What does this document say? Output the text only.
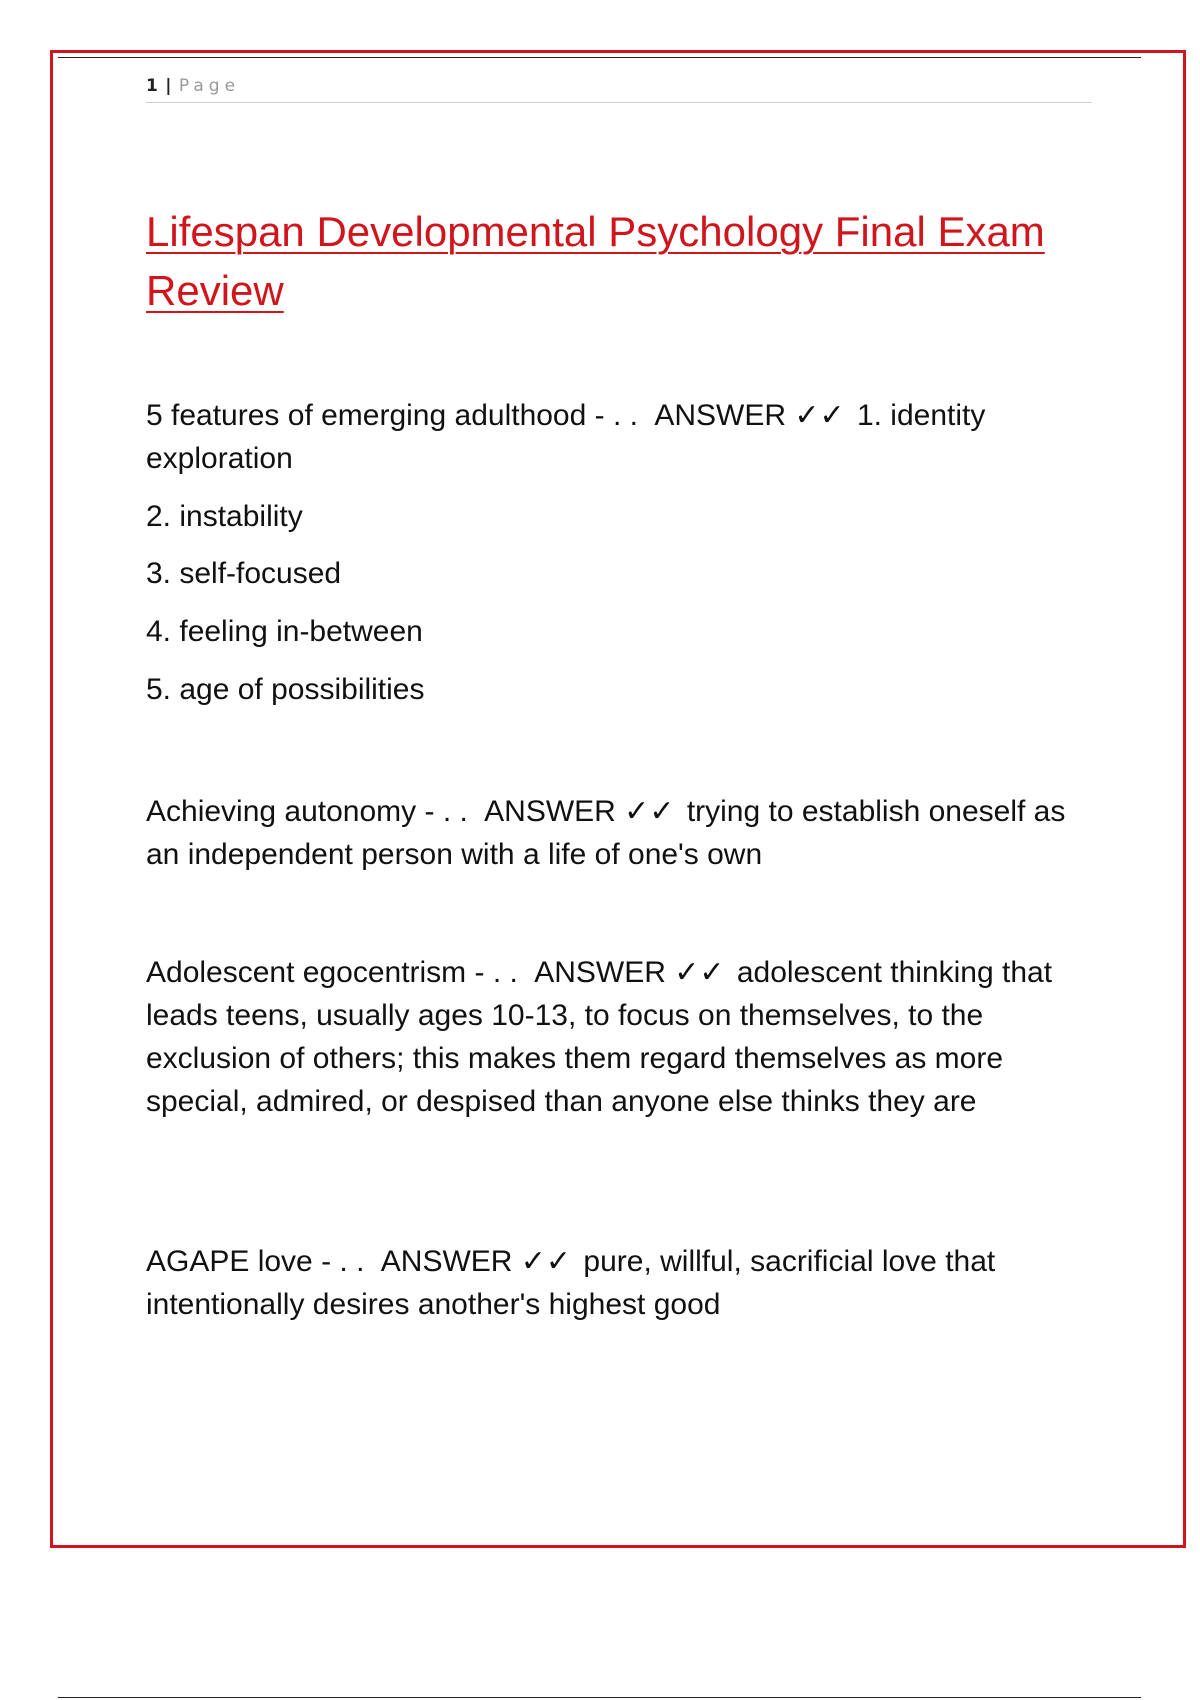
1 | Page
Lifespan Developmental Psychology Final Exam Review

5 features of emerging adulthood - . . ANSWER ✓✓ 1. identity exploration

2. instability

3. self-focused

4. feeling in-between

5. age of possibilities

Achieving autonomy - . . ANSWER ✓✓ trying to establish oneself as an independent person with a life of one's own

Adolescent egocentrism - . . ANSWER ✓✓ adolescent thinking that leads teens, usually ages 10-13, to focus on themselves, to the exclusion of others; this makes them regard themselves as more special, admired, or despised than anyone else thinks they are

AGAPE love - . . ANSWER ✓✓ pure, willful, sacrificial love that intentionally desires another's highest good
